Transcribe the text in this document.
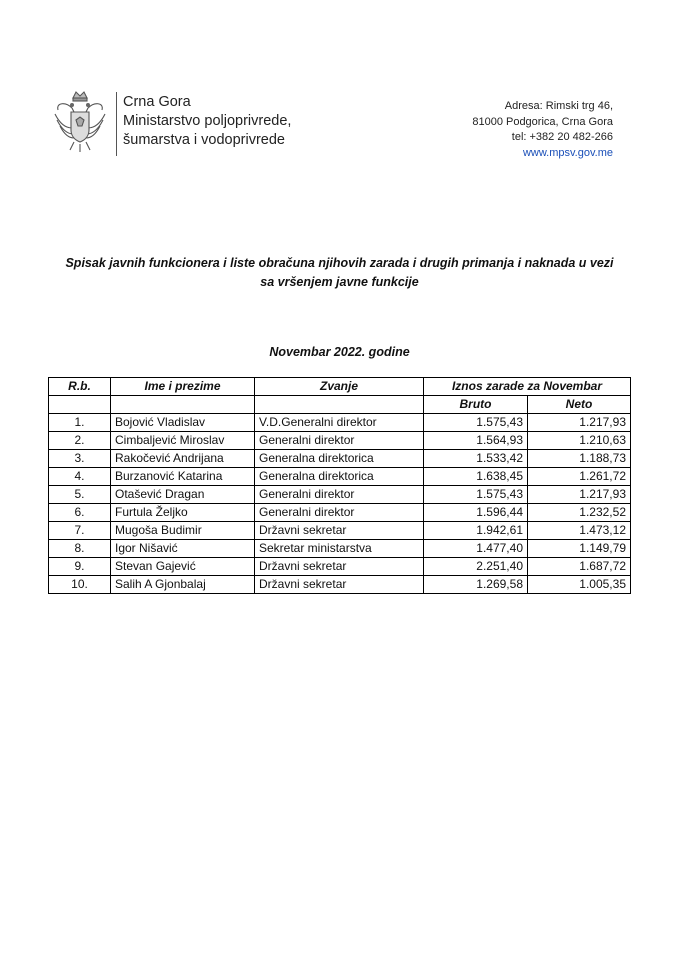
Crna Gora
Ministarstvo poljoprivrede,
šumarstva i vodoprivrede
Adresa: Rimski trg 46,
81000 Podgorica, Crna Gora
tel: +382 20 482-266
www.mpsv.gov.me
Spisak javnih funkcionera i liste obračuna njihovih zarada i drugih primanja i naknada u vezi
sa vršenjem javne funkcije
Novembar 2022. godine
R.b.	Ime i prezime	Zvanje	Iznos zarade za Novembar	
			Bruto	Neto
1.	Bojović Vladislav	V.D.Generalni direktor	1.575,43	1.217,93
2.	Cimbaljević Miroslav	Generalni direktor	1.564,93	1.210,63
3.	Rakočević Andrijana	Generalna direktorica	1.533,42	1.188,73
4.	Burzanović Katarina	Generalna direktorica	1.638,45	1.261,72
5.	Otašević Dragan	Generalni direktor	1.575,43	1.217,93
6.	Furtula Željko	Generalni direktor	1.596,44	1.232,52
7.	Mugoša Budimir	Državni sekretar	1.942,61	1.473,12
8.	Igor Nišavić	Sekretar ministarstva	1.477,40	1.149,79
9.	Stevan Gajević	Državni sekretar	2.251,40	1.687,72
10.	Salih A Gjonbalaj	Državni sekretar	1.269,58	1.005,35
